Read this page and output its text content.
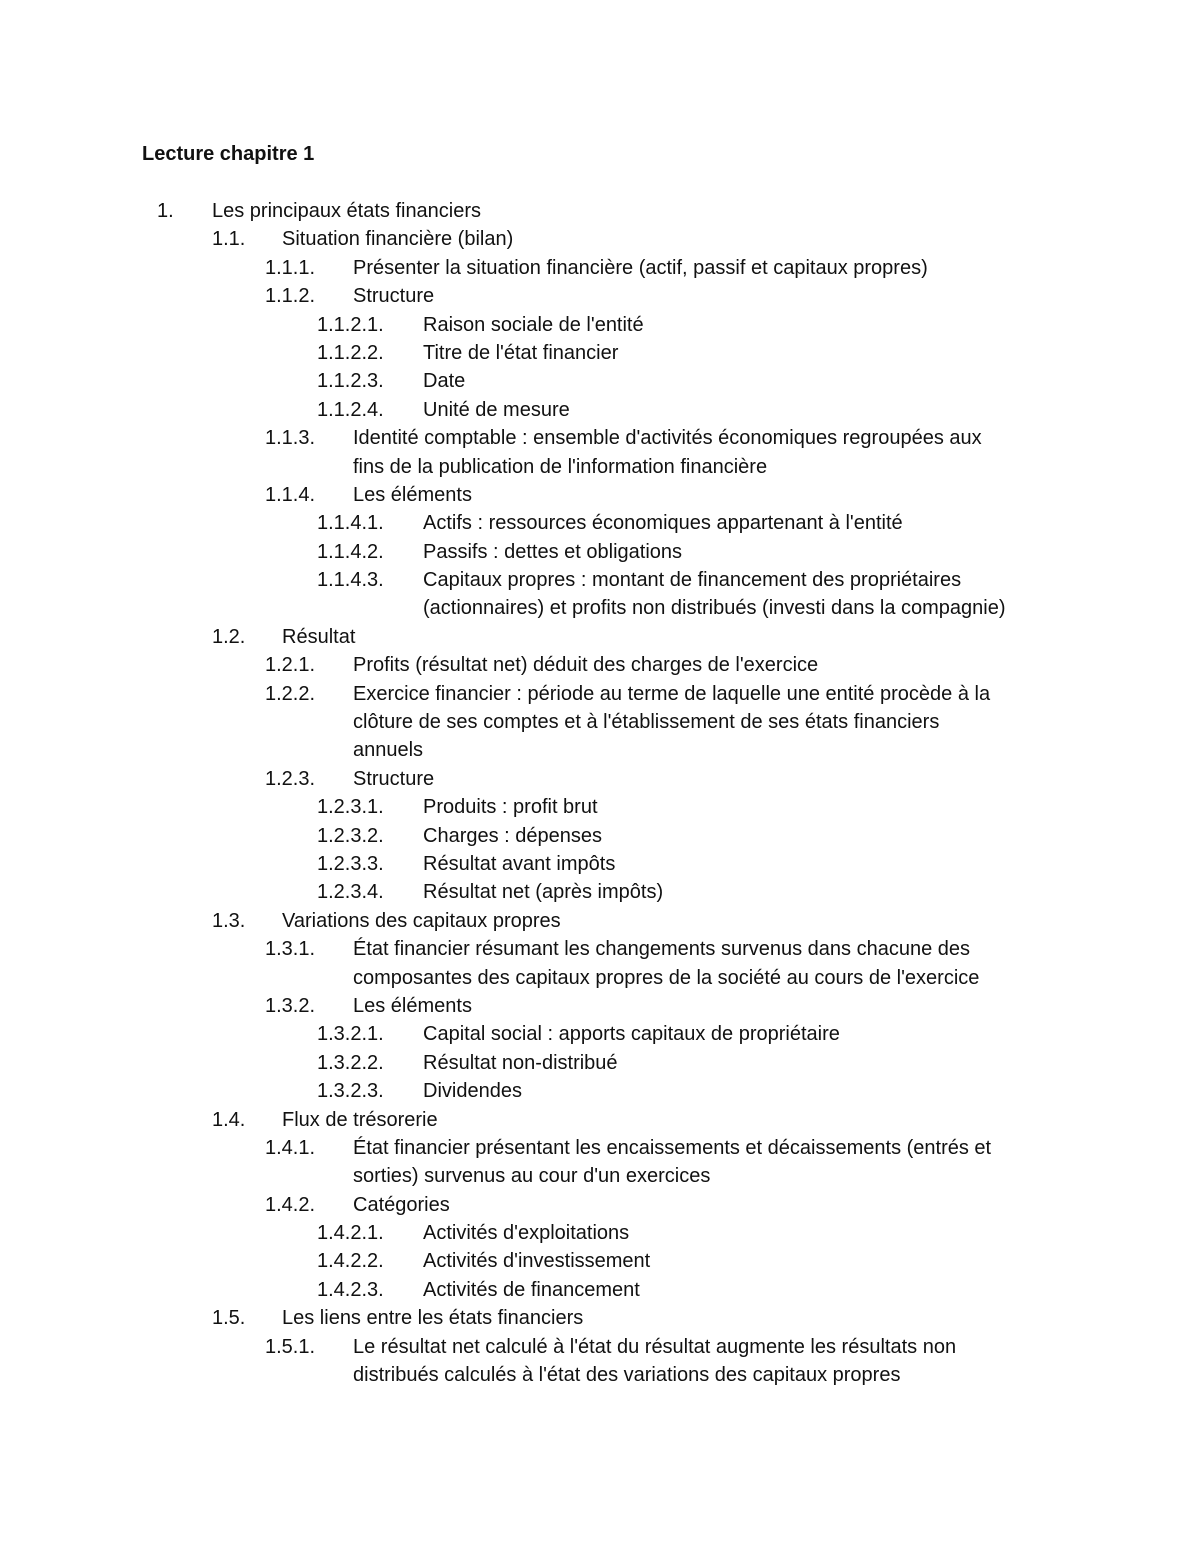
Lecture chapitre 1
1. Les principaux états financiers
1.1. Situation financière (bilan)
1.1.1. Présenter la situation financière (actif, passif et capitaux propres)
1.1.2. Structure
1.1.2.1. Raison sociale de l'entité
1.1.2.2. Titre de l'état financier
1.1.2.3. Date
1.1.2.4. Unité de mesure
1.1.3. Identité comptable : ensemble d'activités économiques regroupées aux
fins de la publication de l'information financière
1.1.4. Les éléments
1.1.4.1. Actifs : ressources économiques appartenant à l'entité
1.1.4.2. Passifs : dettes et obligations
1.1.4.3. Capitaux propres : montant de financement des propriétaires
(actionnaires) et profits non distribués (investi dans la compagnie)
1.2. Résultat
1.2.1. Profits (résultat net) déduit des charges de l'exercice
1.2.2. Exercice financier : période au terme de laquelle une entité procède à la
clôture de ses comptes et à l'établissement de ses états financiers
annuels
1.2.3. Structure
1.2.3.1. Produits : profit brut
1.2.3.2. Charges : dépenses
1.2.3.3. Résultat avant impôts
1.2.3.4. Résultat net (après impôts)
1.3. Variations des capitaux propres
1.3.1. État financier résumant les changements survenus dans chacune des
composantes des capitaux propres de la société au cours de l'exercice
1.3.2. Les éléments
1.3.2.1. Capital social : apports capitaux de propriétaire
1.3.2.2. Résultat non-distribué
1.3.2.3. Dividendes
1.4. Flux de trésorerie
1.4.1. État financier présentant les encaissements et décaissements (entrés et
sorties) survenus au cour d'un exercices
1.4.2. Catégories
1.4.2.1. Activités d'exploitations
1.4.2.2. Activités d'investissement
1.4.2.3. Activités de financement
1.5. Les liens entre les états financiers
1.5.1. Le résultat net calculé à l'état du résultat augmente les résultats non
distribués calculés à l'état des variations des capitaux propres
